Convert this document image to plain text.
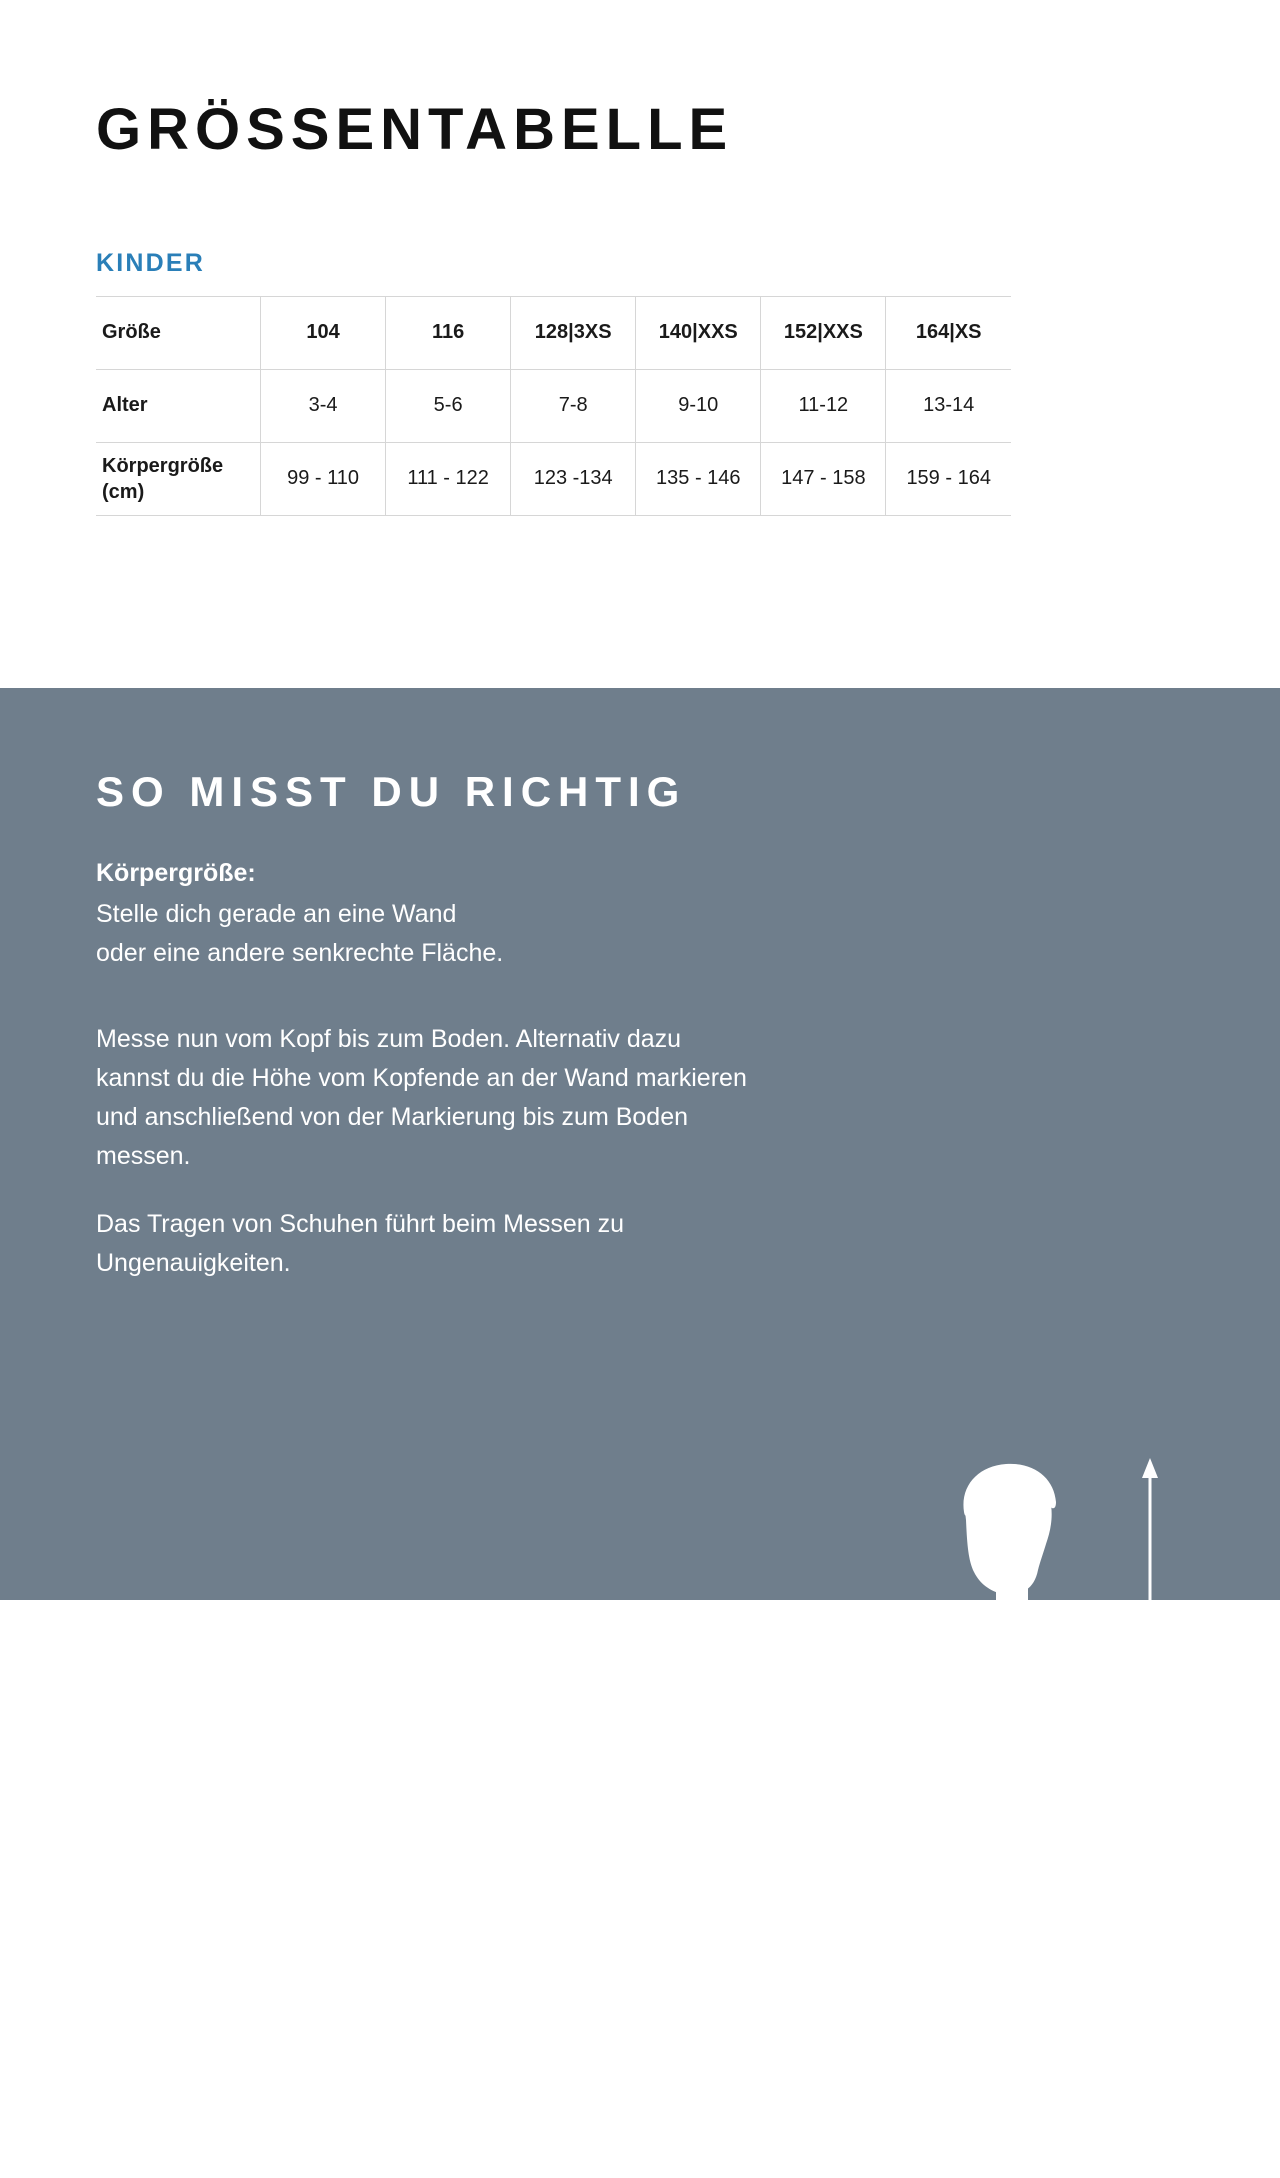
GRÖSSENTABELLE
KINDER
Größe	104	116	128|3XS	140|XXS	152|XXS	164|XS
Alter	3-4	5-6	7-8	9-10	11-12	13-14
Körpergröße
(cm)	99 - 110	111 - 122	123 -134	135 - 146	147 - 158	159 - 164
SO MISST DU RICHTIG
Körpergröße:

Stelle dich gerade an eine Wand
oder eine andere senkrechte Fläche.

Messe nun vom Kopf bis zum Boden. Alternativ dazu kannst du die Höhe vom Kopfende an der Wand markieren und anschließend von der Markierung bis zum Boden messen.

Das Tragen von Schuhen führt beim Messen zu Ungenauigkeiten.

KÖRPERGRÖSSE
